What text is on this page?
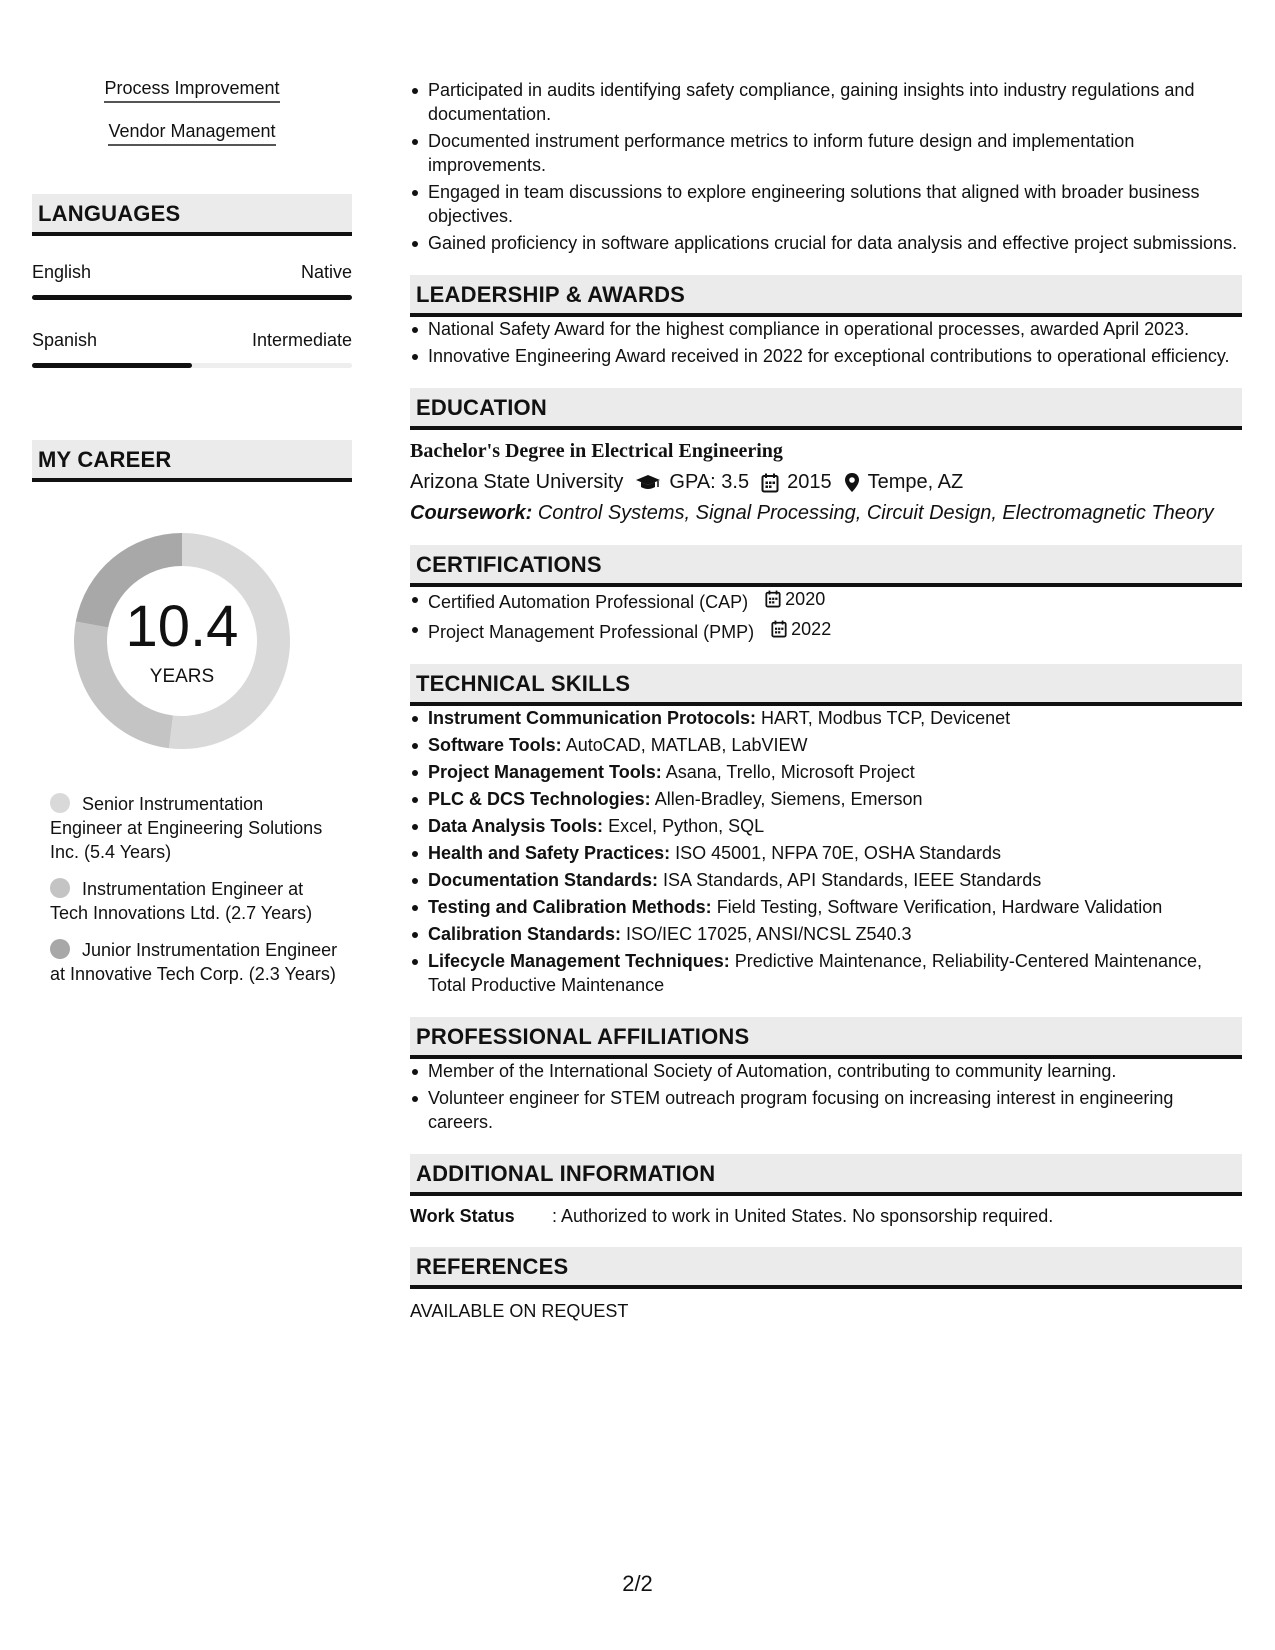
Process Improvement
Vendor Management
LANGUAGES
English	Native
Spanish	Intermediate
MY CAREER
10.4
YEARS
Senior Instrumentation Engineer at Engineering Solutions Inc. (5.4 Years)
Instrumentation Engineer at Tech Innovations Ltd. (2.7 Years)
Junior Instrumentation Engineer at Innovative Tech Corp. (2.3 Years)
Participated in audits identifying safety compliance, gaining insights into industry regulations and documentation.
Documented instrument performance metrics to inform future design and implementation improvements.
Engaged in team discussions to explore engineering solutions that aligned with broader business objectives.
Gained proficiency in software applications crucial for data analysis and effective project submissions.
LEADERSHIP & AWARDS
National Safety Award for the highest compliance in operational processes, awarded April 2023.
Innovative Engineering Award received in 2022 for exceptional contributions to operational efficiency.
EDUCATION
Bachelor's Degree in Electrical Engineering
Arizona State University GPA: 3.5 2015 Tempe, AZ
Coursework: Control Systems, Signal Processing, Circuit Design, Electromagnetic Theory
CERTIFICATIONS
Certified Automation Professional (CAP) 2020
Project Management Professional (PMP) 2022
TECHNICAL SKILLS
Instrument Communication Protocols: HART, Modbus TCP, Devicenet
Software Tools: AutoCAD, MATLAB, LabVIEW
Project Management Tools: Asana, Trello, Microsoft Project
PLC & DCS Technologies: Allen-Bradley, Siemens, Emerson
Data Analysis Tools: Excel, Python, SQL
Health and Safety Practices: ISO 45001, NFPA 70E, OSHA Standards
Documentation Standards: ISA Standards, API Standards, IEEE Standards
Testing and Calibration Methods: Field Testing, Software Verification, Hardware Validation
Calibration Standards: ISO/IEC 17025, ANSI/NCSL Z540.3
Lifecycle Management Techniques: Predictive Maintenance, Reliability-Centered Maintenance, Total Productive Maintenance
PROFESSIONAL AFFILIATIONS
Member of the International Society of Automation, contributing to community learning.
Volunteer engineer for STEM outreach program focusing on increasing interest in engineering careers.
ADDITIONAL INFORMATION
Work Status	: Authorized to work in United States. No sponsorship required.
REFERENCES
AVAILABLE ON REQUEST
2/2
